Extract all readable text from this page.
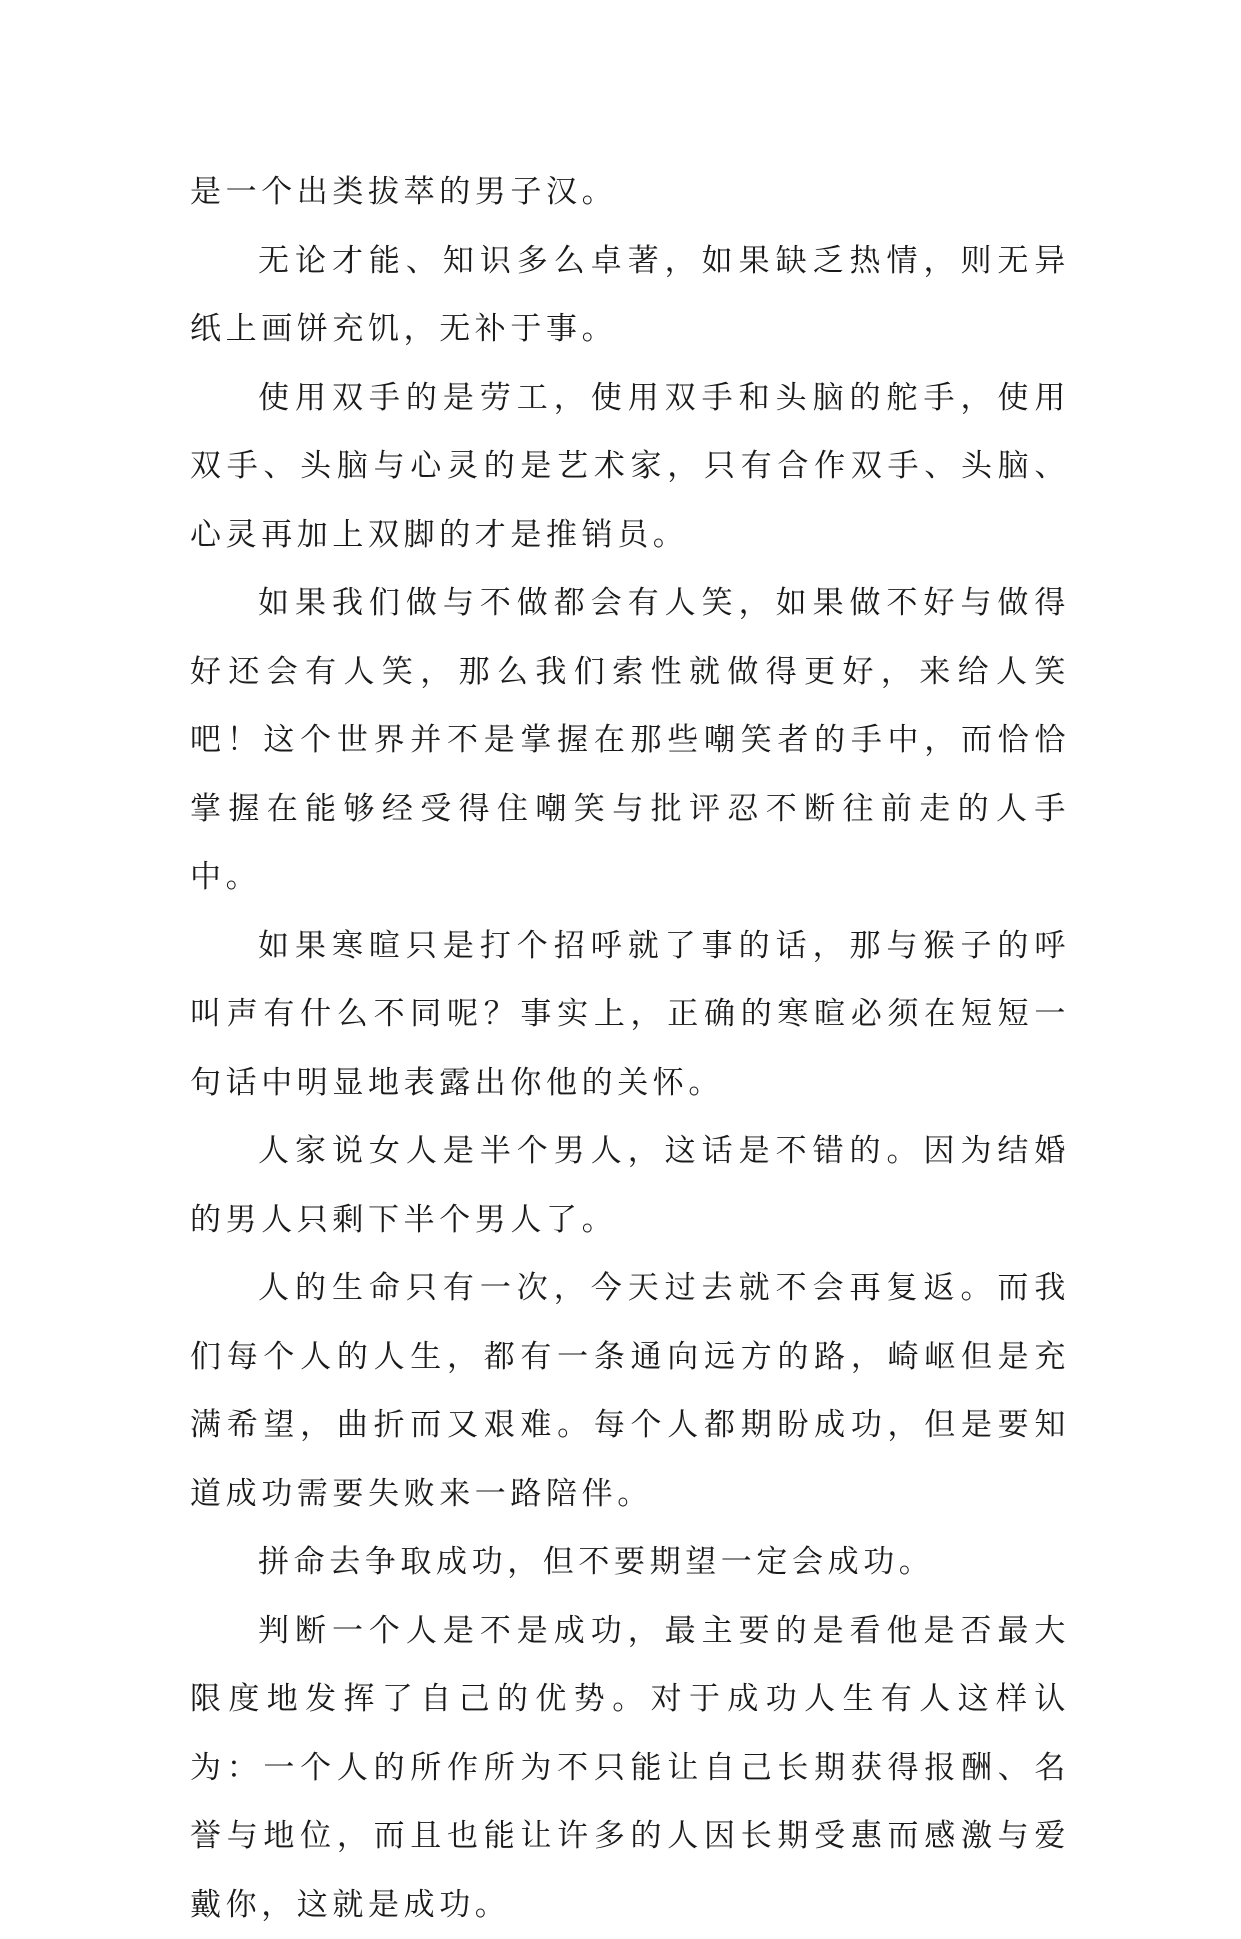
是一个出类拔萃的男子汉。

无论才能、知识多么卓著，如果缺乏热情，则无异纸上画饼充饥，无补于事。

使用双手的是劳工，使用双手和头脑的舵手，使用双手、头脑与心灵的是艺术家，只有合作双手、头脑、心灵再加上双脚的才是推销员。

如果我们做与不做都会有人笑，如果做不好与做得好还会有人笑，那么我们索性就做得更好，来给人笑吧！这个世界并不是掌握在那些嘲笑者的手中，而恰恰掌握在能够经受得住嘲笑与批评忍不断往前走的人手中。

如果寒暄只是打个招呼就了事的话，那与猴子的呼叫声有什么不同呢？事实上，正确的寒暄必须在短短一句话中明显地表露出你他的关怀。

人家说女人是半个男人，这话是不错的。因为结婚的男人只剩下半个男人了。

人的生命只有一次，今天过去就不会再复返。而我们每个人的人生，都有一条通向远方的路，崎岖但是充满希望，曲折而又艰难。每个人都期盼成功，但是要知道成功需要失败来一路陪伴。

拼命去争取成功，但不要期望一定会成功。

判断一个人是不是成功，最主要的是看他是否最大限度地发挥了自己的优势。对于成功人生有人这样认为：一个人的所作所为不只能让自己长期获得报酬、名誉与地位，而且也能让许多的人因长期受惠而感激与爱戴你，这就是成功。
